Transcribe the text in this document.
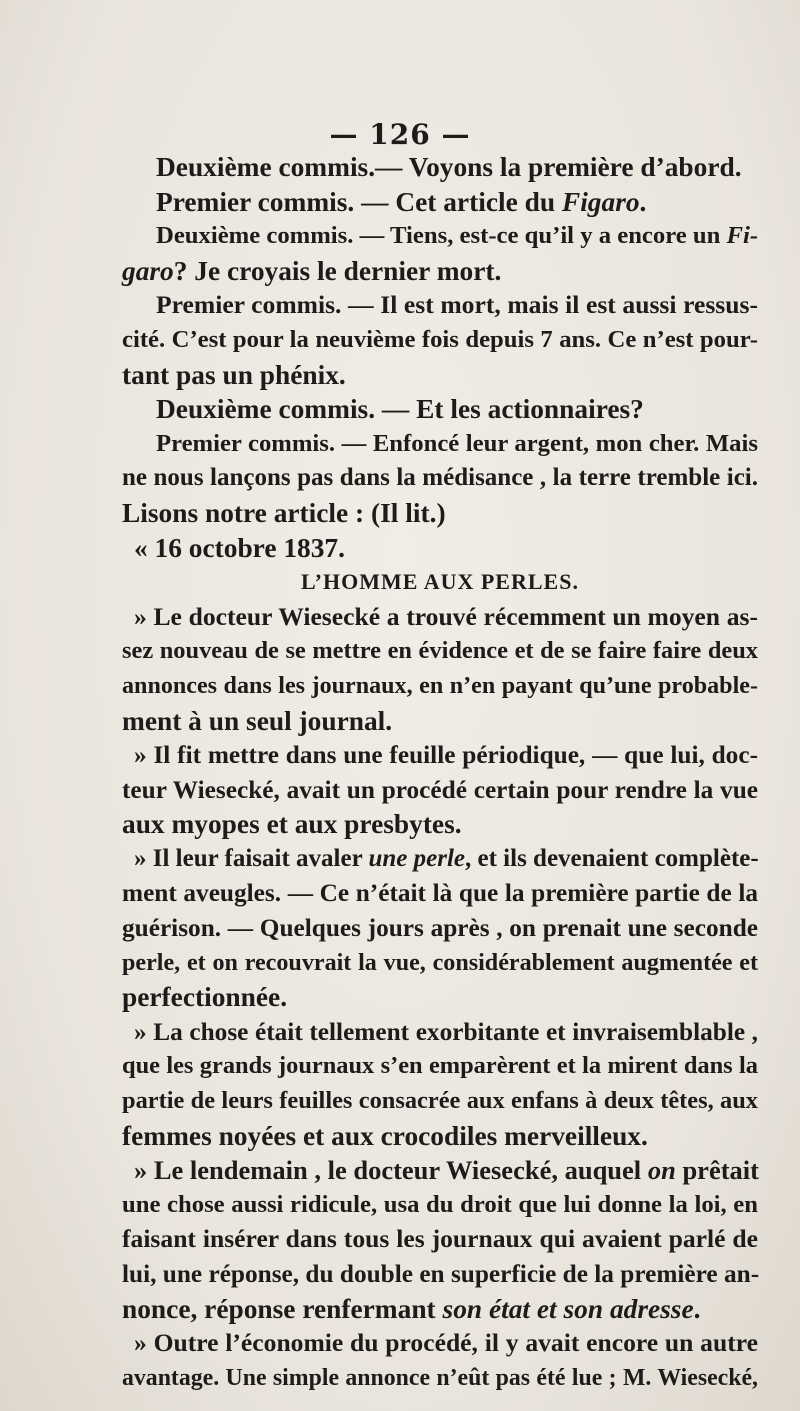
— 126 —
Deuxième commis.— Voyons la première d’abord.
Premier commis. — Cet article du Figaro.
Deuxième commis. — Tiens, est-ce qu’il y a encore un Fi-
garo? Je croyais le dernier mort.
Premier commis. — Il est mort, mais il est aussi ressus-
cité. C’est pour la neuvième fois depuis 7 ans. Ce n’est pour-
tant pas un phénix.
Deuxième commis. — Et les actionnaires?
Premier commis. — Enfoncé leur argent, mon cher. Mais
ne nous lançons pas dans la médisance , la terre tremble ici.
Lisons notre article : (Il lit.)
« 16 octobre 1837.
L’HOMME AUX PERLES.
» Le docteur Wiesecké a trouvé récemment un moyen as-
sez nouveau de se mettre en évidence et de se faire faire deux
annonces dans les journaux, en n’en payant qu’une probable-
ment à un seul journal.
» Il fit mettre dans une feuille périodique, — que lui, doc-
teur Wiesecké, avait un procédé certain pour rendre la vue
aux myopes et aux presbytes.
» Il leur faisait avaler une perle, et ils devenaient complète-
ment aveugles. — Ce n’était là que la première partie de la
guérison. — Quelques jours après , on prenait une seconde
perle, et on recouvrait la vue, considérablement augmentée et
perfectionnée.
» La chose était tellement exorbitante et invraisemblable ,
que les grands journaux s’en emparèrent et la mirent dans la
partie de leurs feuilles consacrée aux enfans à deux têtes, aux
femmes noyées et aux crocodiles merveilleux.
» Le lendemain , le docteur Wiesecké, auquel on prêtait
une chose aussi ridicule, usa du droit que lui donne la loi, en
faisant insérer dans tous les journaux qui avaient parlé de
lui, une réponse, du double en superficie de la première an-
nonce, réponse renfermant son état et son adresse.
» Outre l’économie du procédé, il y avait encore un autre
avantage. Une simple annonce n’eût pas été lue ; M. Wiesecké,
